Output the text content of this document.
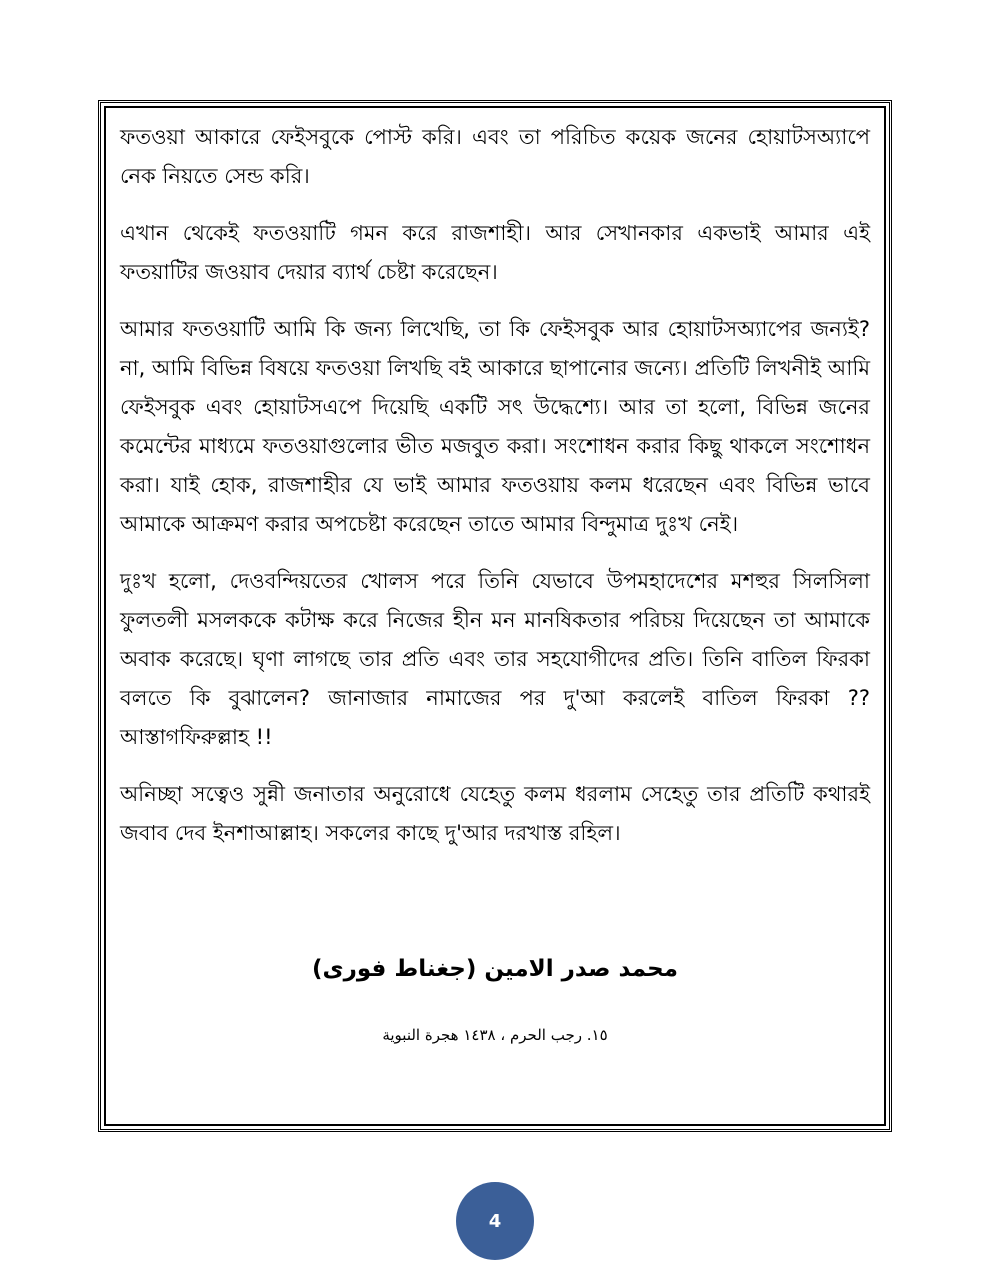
ফতওয়া আকারে ফেইসবুকে পোস্ট করি। এবং তা পরিচিত কয়েক জনের হোয়াটসঅ্যাপে নেক নিয়তে সেন্ড করি।

এখান থেকেই ফতওয়াটি গমন করে রাজশাহী। আর সেখানকার একভাই আমার এই ফতয়াটির জওয়াব দেয়ার ব্যার্থ চেষ্টা করেছেন।

আমার ফতওয়াটি আমি কি জন্য লিখেছি, তা কি ফেইসবুক আর হোয়াটসঅ্যাপের জন্যই? না, আমি বিভিন্ন বিষয়ে ফতওয়া লিখছি বই আকারে ছাপানোর জন্যে। প্রতিটি লিখনীই আমি ফেইসবুক এবং হোয়াটসএপে দিয়েছি একটি সৎ উদ্ধেশ্যে। আর তা হলো, বিভিন্ন জনের কমেন্টের মাধ্যমে ফতওয়াগুলোর ভীত মজবুত করা। সংশোধন করার কিছু থাকলে সংশোধন করা। যাই হোক, রাজশাহীর যে ভাই আমার ফতওয়ায় কলম ধরেছেন এবং বিভিন্ন ভাবে আমাকে আক্রমণ করার অপচেষ্টা করেছেন তাতে আমার বিন্দুমাত্র দুঃখ নেই।

দুঃখ হলো, দেওবন্দিয়তের খোলস পরে তিনি যেভাবে উপমহাদেশের মশহুর সিলসিলা ফুলতলী মসলককে কটাক্ষ করে নিজের হীন মন মানষিকতার পরিচয় দিয়েছেন তা আমাকে অবাক করেছে। ঘৃণা লাগছে তার প্রতি এবং তার সহযোগীদের প্রতি। তিনি বাতিল ফিরকা বলতে কি বুঝালেন? জানাজার নামাজের পর দু'আ করলেই বাতিল ফিরকা ?? আস্তাগফিরুল্লাহ !!

অনিচ্ছা সত্বেও সুন্নী জনাতার অনুরোধে যেহেতু কলম ধরলাম সেহেতু তার প্রতিটি কথারই জবাব দেব ইনশাআল্লাহ। সকলের কাছে দু'আর দরখাস্ত রহিল।

محمد صدر الامين (جغناط فورى)
١٥. رجب الحرم ، ١٤٣٨ هجرة النبوية
4
